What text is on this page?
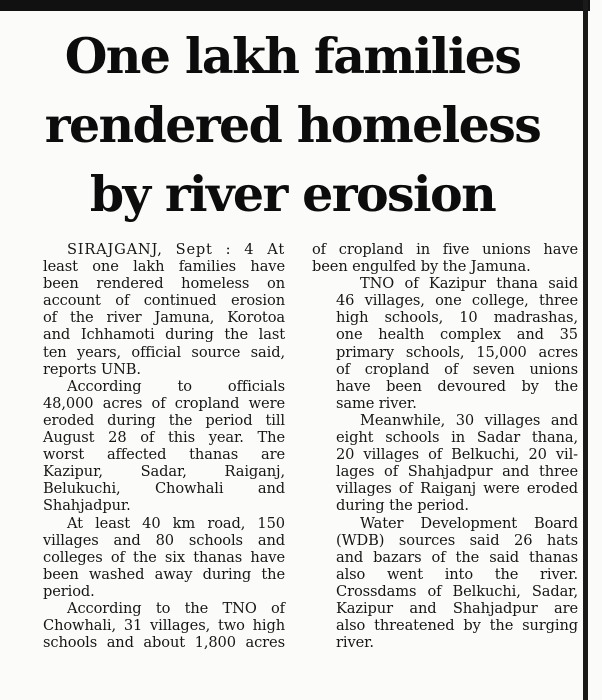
One lakh families
rendered homeless
by river erosion

SIRAJGANJ, Sept : 4 At
least one lakh families have
been rendered homeless on
account of continued erosion
of the river Jamuna, Korotoa
and Ichhamoti during the last
ten years, official source said,
reports UNB.

According to officials
48,000 acres of cropland were
eroded during the period till
August 28 of this year. The
worst affected thanas are
Kazipur, Sadar, Raiganj,
Belukuchi, Chowhali and
Shahjadpur.

At least 40 km road, 150
villages and 80 schools and
colleges of the six thanas have
been washed away during the
period.

According to the TNO of
Chowhali, 31 villages, two high
schools and about 1,800 acres

of cropland in five unions have
been engulfed by the Jamuna.

TNO of Kazipur thana said
46 villages, one college, three
high schools, 10 madrashas,
one health complex and 35
primary schools, 15,000 acres
of cropland of seven unions
have been devoured by the
same river.

Meanwhile, 30 villages and
eight schools in Sadar thana,
20 villages of Belkuchi, 20 vil-
lages of Shahjadpur and three
villages of Raiganj were eroded
during the period.

Water Development Board
(WDB) sources said 26 hats
and bazars of the said thanas
also went into the river.
Crossdams of Belkuchi, Sadar,
Kazipur and Shahjadpur are
also threatened by the surging
river.
